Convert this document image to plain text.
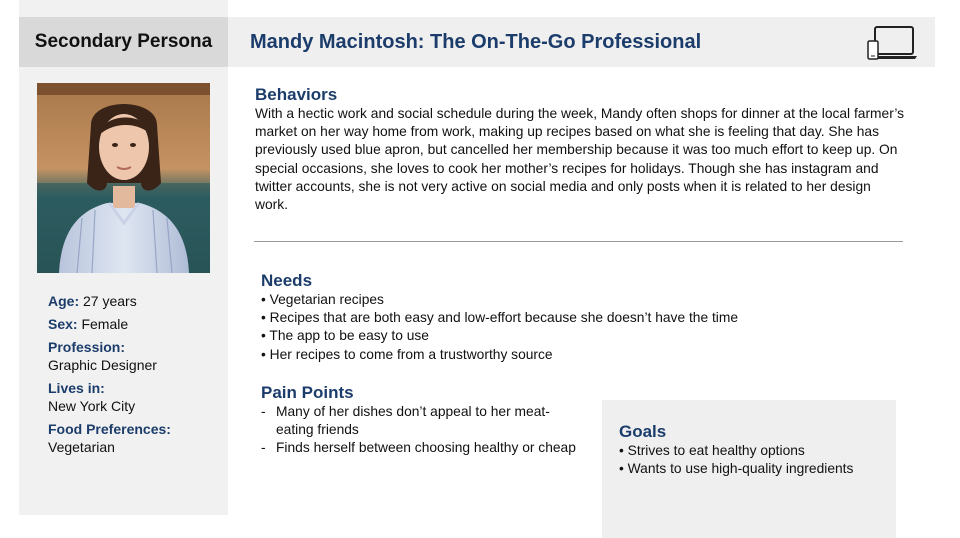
Secondary Persona Mandy Macintosh: The On-The-Go Professional
Age: 27 years
Sex: Female
Profession:
Graphic Designer
Lives in:
New York City
Food Preferences:
Vegetarian
Behaviors
With a hectic work and social schedule during the week, Mandy often shops for dinner at the local farmer’s market on her way home from work, making up recipes based on what she is feeling that day. She has previously used blue apron, but cancelled her membership because it was too much effort to keep up. On special occasions, she loves to cook her mother’s recipes for holidays. Though she has instagram and twitter accounts, she is not very active on social media and only posts when it is related to her design work.
Needs
• Vegetarian recipes
• Recipes that are both easy and low-effort because she doesn’t have the time
• The app to be easy to use
• Her recipes to come from a trustworthy source
Pain Points
- Many of her dishes don’t appeal to her meat-eating friends
- Finds herself between choosing healthy or cheap
Goals
• Strives to eat healthy options
• Wants to use high-quality ingredients
